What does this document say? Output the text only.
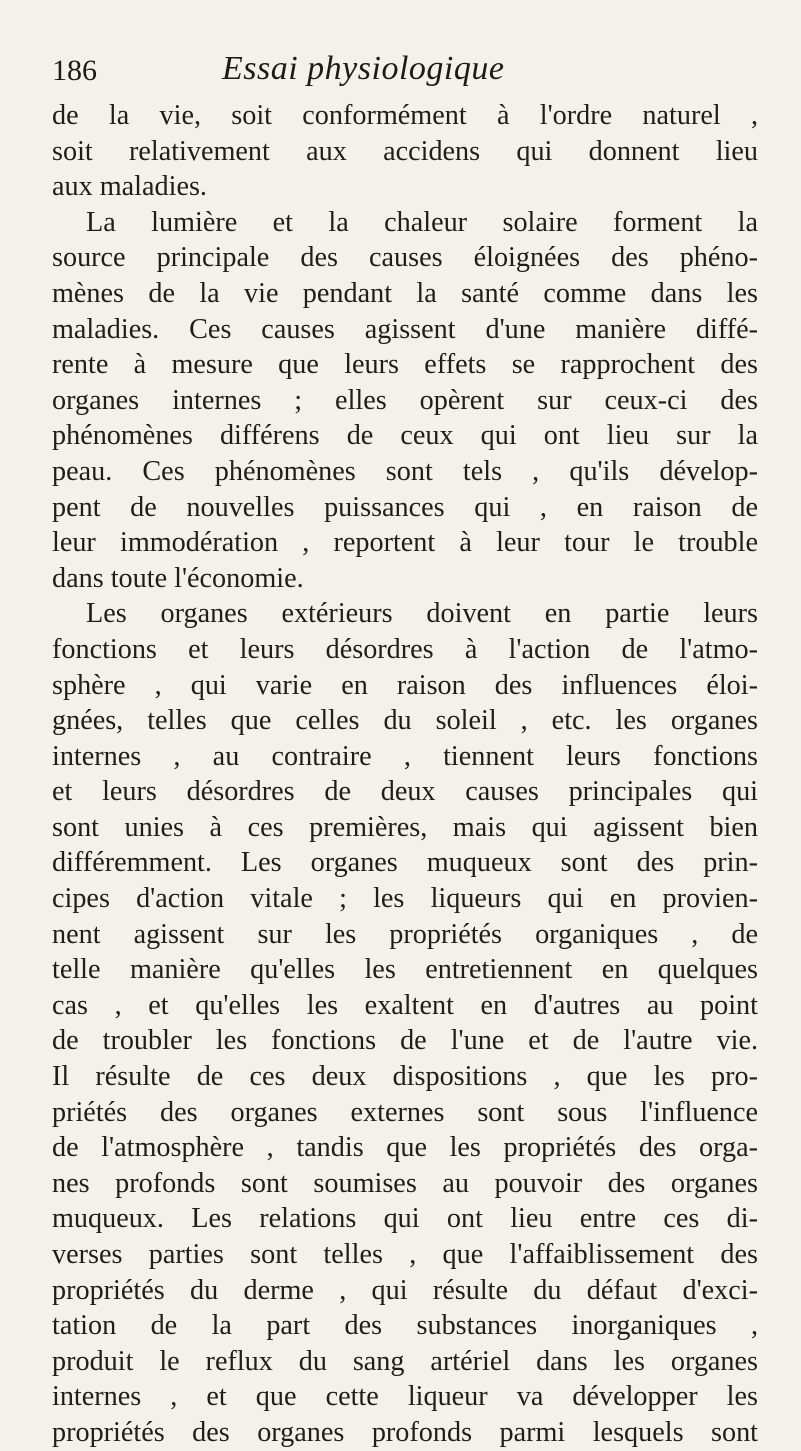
186	Essai physiologique
de la vie, soit conformément à l'ordre naturel ,
soit relativement aux accidens qui donnent lieu
aux maladies.
La lumière et la chaleur solaire forment la
source principale des causes éloignées des phéno-
mènes de la vie pendant la santé comme dans les
maladies. Ces causes agissent d'une manière diffé-
rente à mesure que leurs effets se rapprochent des
organes internes ; elles opèrent sur ceux-ci des
phénomènes différens de ceux qui ont lieu sur la
peau. Ces phénomènes sont tels , qu'ils dévelop-
pent de nouvelles puissances qui , en raison de
leur immodération , reportent à leur tour le trouble
dans toute l'économie.
Les organes extérieurs doivent en partie leurs
fonctions et leurs désordres à l'action de l'atmo-
sphère , qui varie en raison des influences éloi-
gnées, telles que celles du soleil , etc. les organes
internes , au contraire , tiennent leurs fonctions
et leurs désordres de deux causes principales qui
sont unies à ces premières, mais qui agissent bien
différemment. Les organes muqueux sont des prin-
cipes d'action vitale ; les liqueurs qui en provien-
nent agissent sur les propriétés organiques , de
telle manière qu'elles les entretiennent en quelques
cas , et qu'elles les exaltent en d'autres au point
de troubler les fonctions de l'une et de l'autre vie.
Il résulte de ces deux dispositions , que les pro-
priétés des organes externes sont sous l'influence
de l'atmosphère , tandis que les propriétés des orga-
nes profonds sont soumises au pouvoir des organes
muqueux. Les relations qui ont lieu entre ces di-
verses parties sont telles , que l'affaiblissement des
propriétés du derme , qui résulte du défaut d'exci-
tation de la part des substances inorganiques ,
produit le reflux du sang artériel dans les organes
internes , et que cette liqueur va développer les
propriétés des organes profonds parmi lesquels sont
